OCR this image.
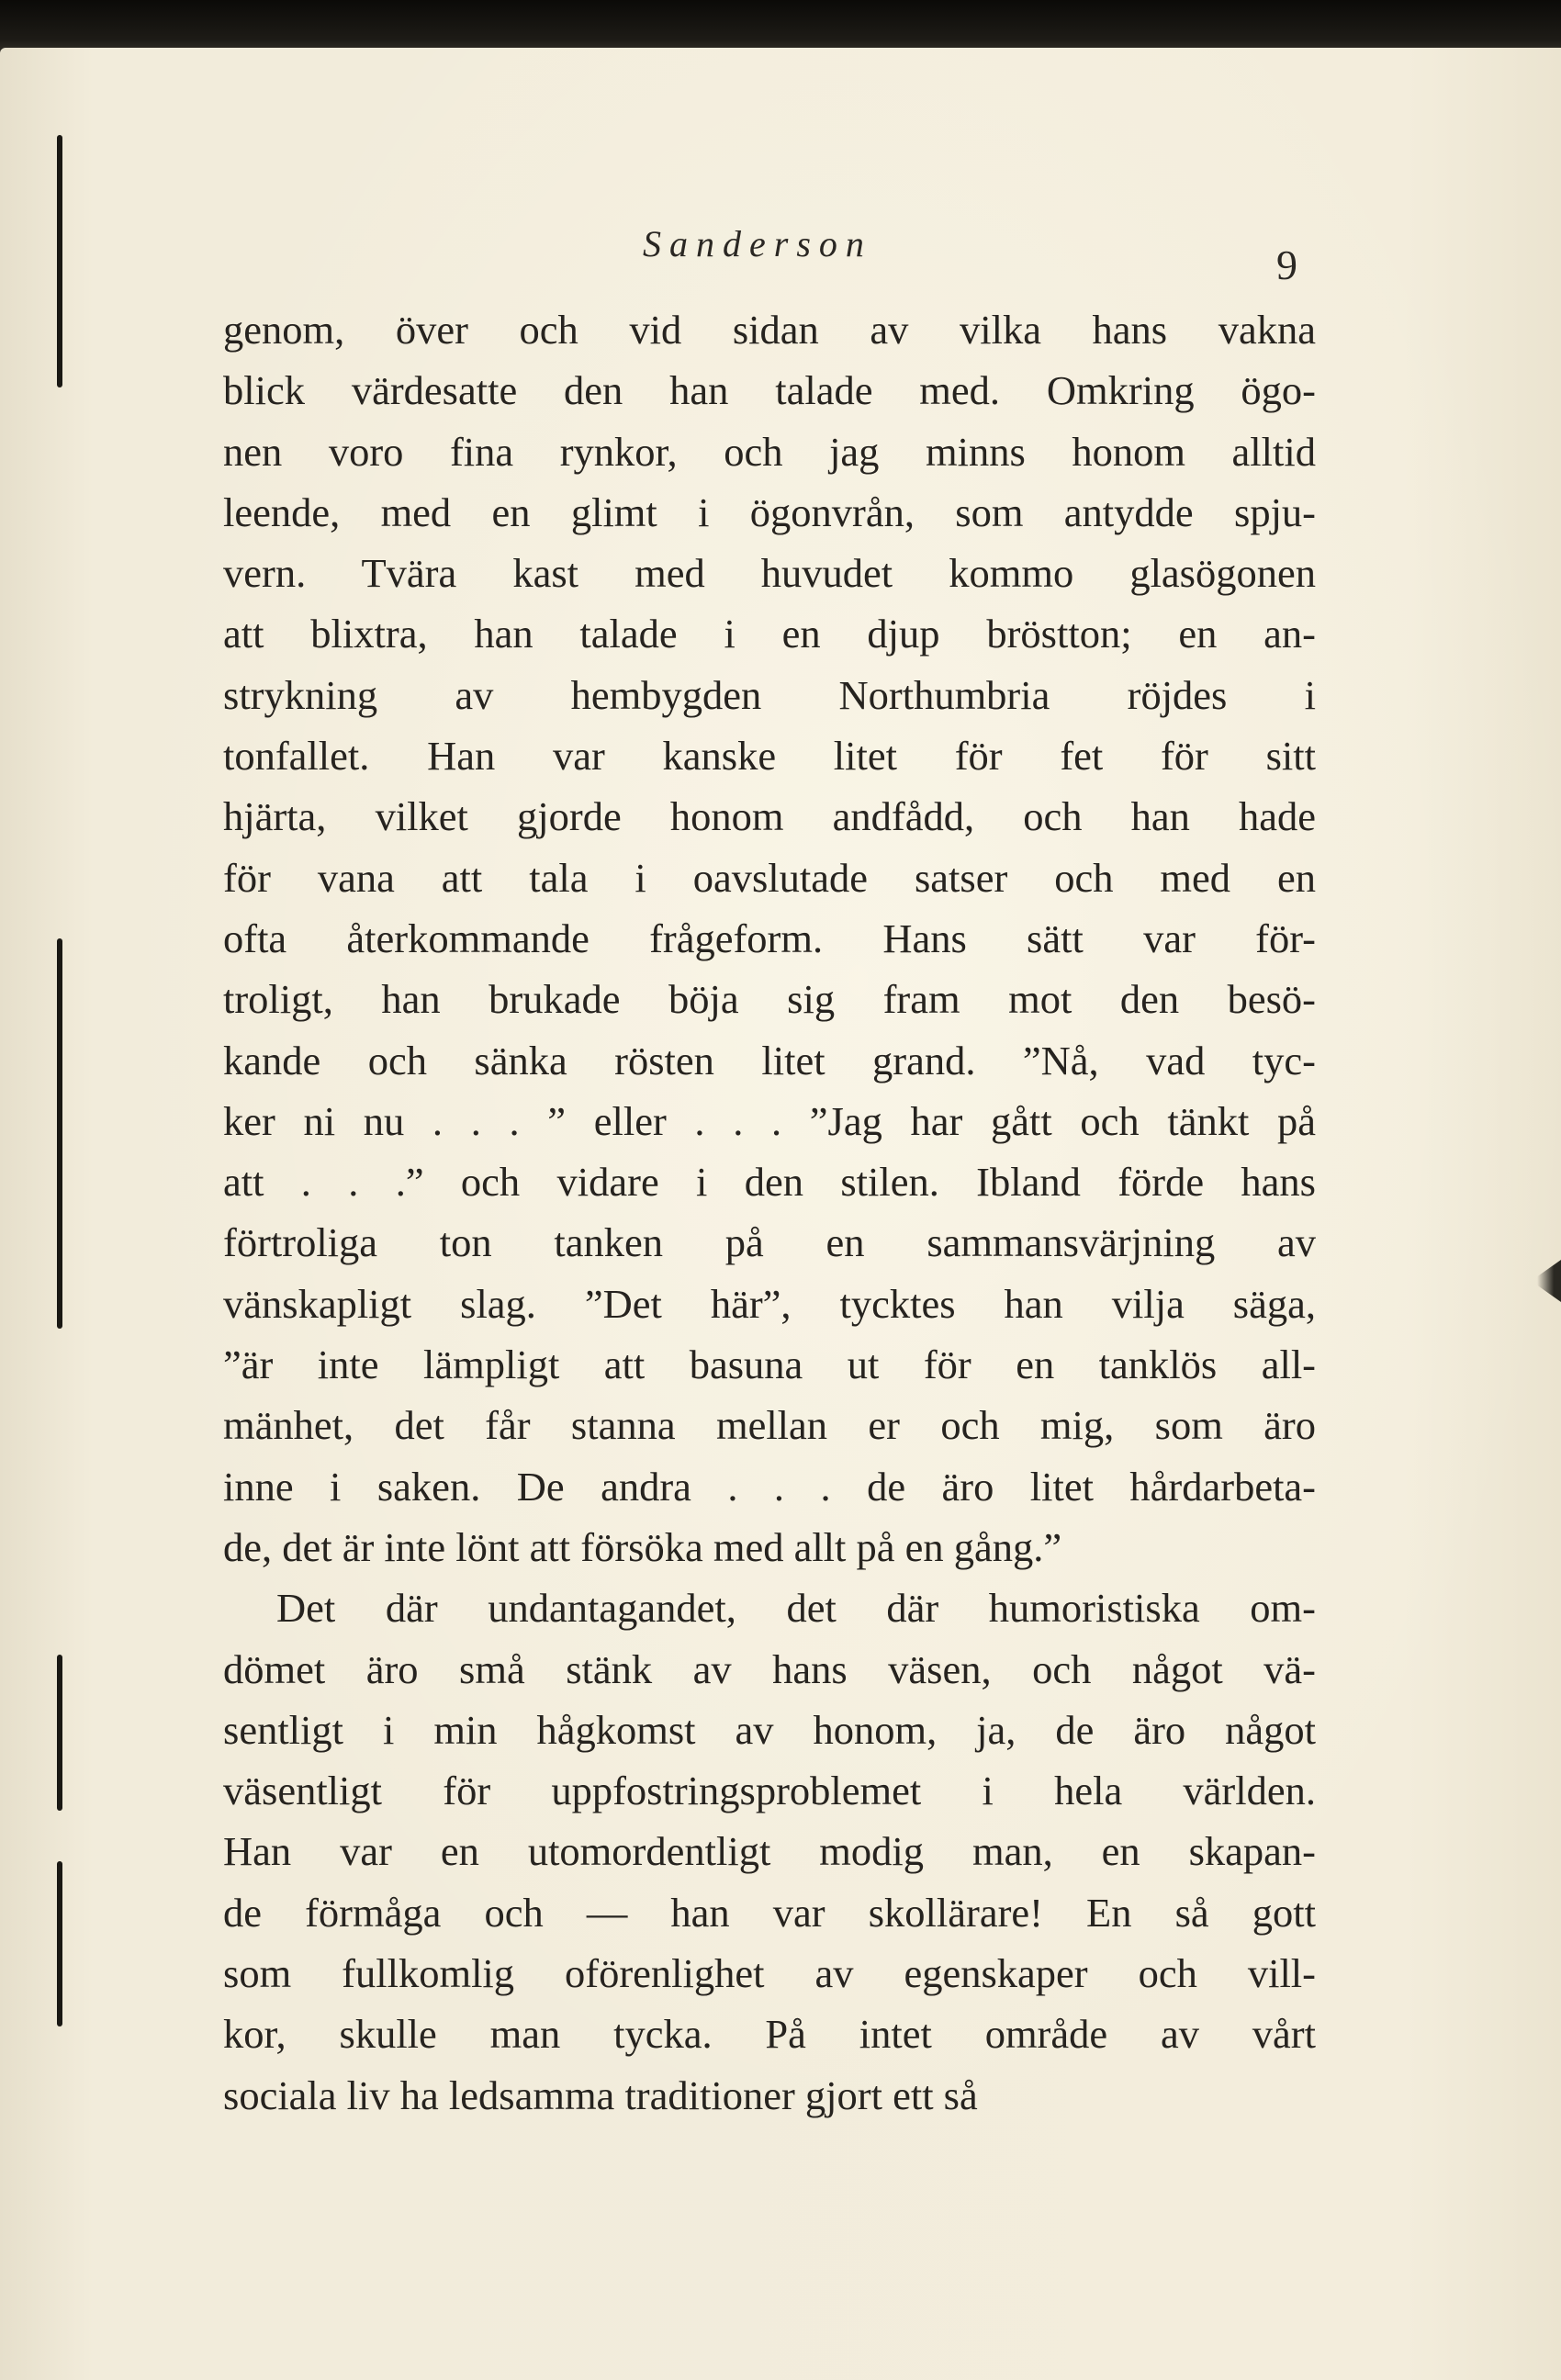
Sanderson	9
genom, över och vid sidan av vilka hans vakna
blick värdesatte den han talade med. Omkring ögo-
nen voro fina rynkor, och jag minns honom alltid
leende, med en glimt i ögonvrån, som antydde spju-
vern. Tvära kast med huvudet kommo glasögonen
att blixtra, han talade i en djup bröstton; en an-
strykning av hembygden Northumbria röjdes i
tonfallet. Han var kanske litet för fet för sitt
hjärta, vilket gjorde honom andfådd, och han hade
för vana att tala i oavslutade satser och med en
ofta återkommande frågeform. Hans sätt var för-
troligt, han brukade böja sig fram mot den besö-
kande och sänka rösten litet grand. ”Nå, vad tyc-
ker ni nu . . . ” eller . . . ”Jag har gått och tänkt på
att . . .” och vidare i den stilen. Ibland förde hans
förtroliga ton tanken på en sammansvärjning av
vänskapligt slag. ”Det här”, tycktes han vilja säga,
”är inte lämpligt att basuna ut för en tanklös all-
mänhet, det får stanna mellan er och mig, som äro
inne i saken. De andra . . . de äro litet hårdarbeta-
de, det är inte lönt att försöka med allt på en gång.”
Det där undantagandet, det där humoristiska om-
dömet äro små stänk av hans väsen, och något vä-
sentligt i min hågkomst av honom, ja, de äro något
väsentligt för uppfostringsproblemet i hela världen.
Han var en utomordentligt modig man, en skapan-
de förmåga och — han var skollärare! En så gott
som fullkomlig oförenlighet av egenskaper och vill-
kor, skulle man tycka. På intet område av vårt
sociala liv ha ledsamma traditioner gjort ett så
